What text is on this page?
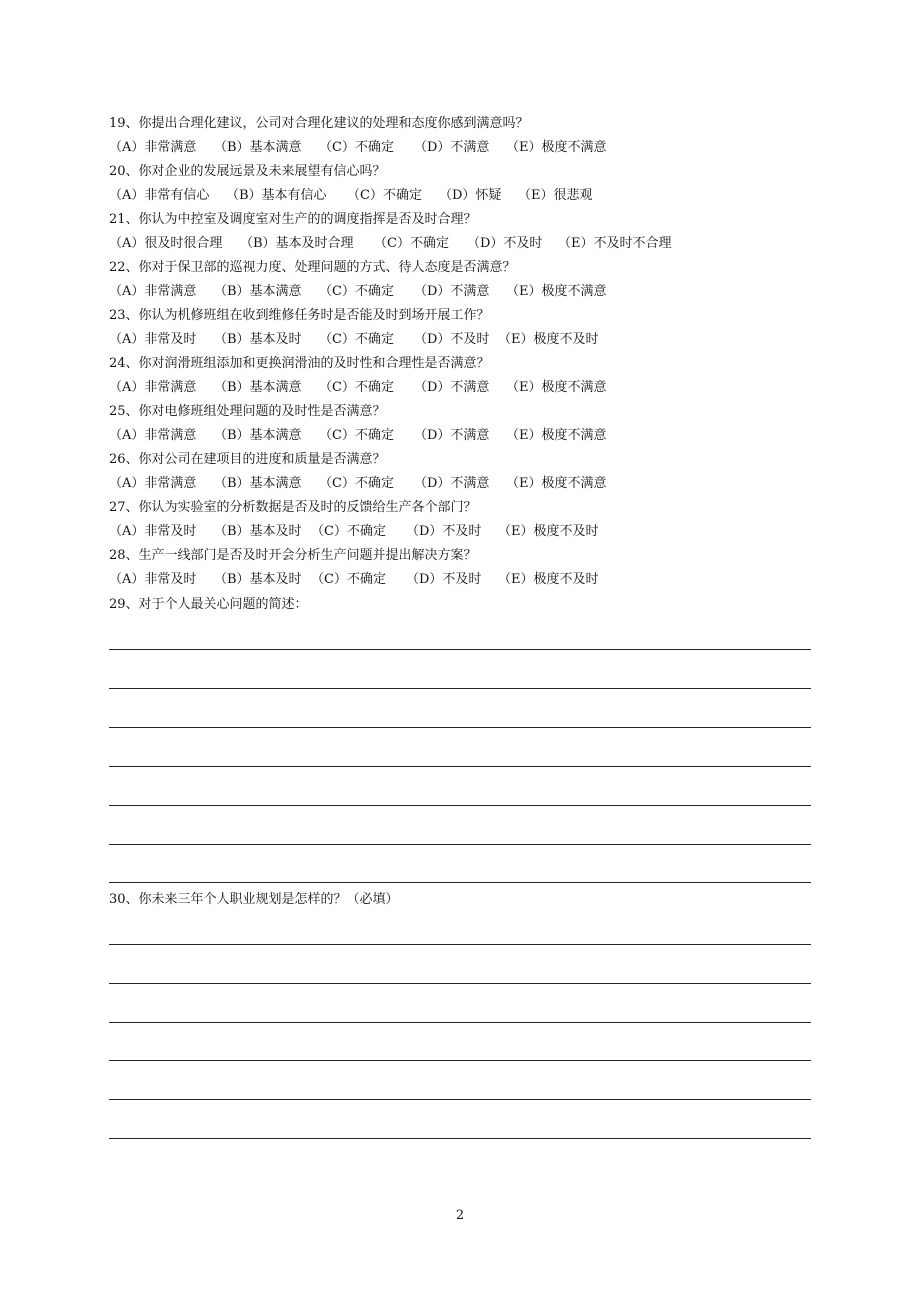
19、你提出合理化建议，公司对合理化建议的处理和态度你感到满意吗？
（A）非常满意 （B）基本满意 （C）不确定 （D）不满意 （E）极度不满意
20、你对企业的发展远景及未来展望有信心吗？
（A）非常有信心 （B）基本有信心 （C）不确定 （D）怀疑 （E）很悲观
21、你认为中控室及调度室对生产的的调度指挥是否及时合理？
（A）很及时很合理 （B）基本及时合理 （C）不确定 （D）不及时 （E）不及时不合理
22、你对于保卫部的巡视力度、处理问题的方式、待人态度是否满意？
（A）非常满意 （B）基本满意 （C）不确定 （D）不满意 （E）极度不满意
23、你认为机修班组在收到维修任务时是否能及时到场开展工作？
（A）非常及时 （B）基本及时 （C）不确定 （D）不及时 （E）极度不及时
24、你对润滑班组添加和更换润滑油的及时性和合理性是否满意？
（A）非常满意 （B）基本满意 （C）不确定 （D）不满意 （E）极度不满意
25、你对电修班组处理问题的及时性是否满意？
（A）非常满意 （B）基本满意 （C）不确定 （D）不满意 （E）极度不满意
26、你对公司在建项目的进度和质量是否满意？
（A）非常满意 （B）基本满意 （C）不确定 （D）不满意 （E）极度不满意
27、你认为实验室的分析数据是否及时的反馈给生产各个部门？
（A）非常及时 （B）基本及时 （C）不确定 （D）不及时 （E）极度不及时
28、生产一线部门是否及时开会分析生产问题并提出解决方案？
（A）非常及时 （B）基本及时 （C）不确定 （D）不及时 （E）极度不及时
29、对于个人最关心问题的简述：
30、你未来三年个人职业规划是怎样的？（必填）
2
